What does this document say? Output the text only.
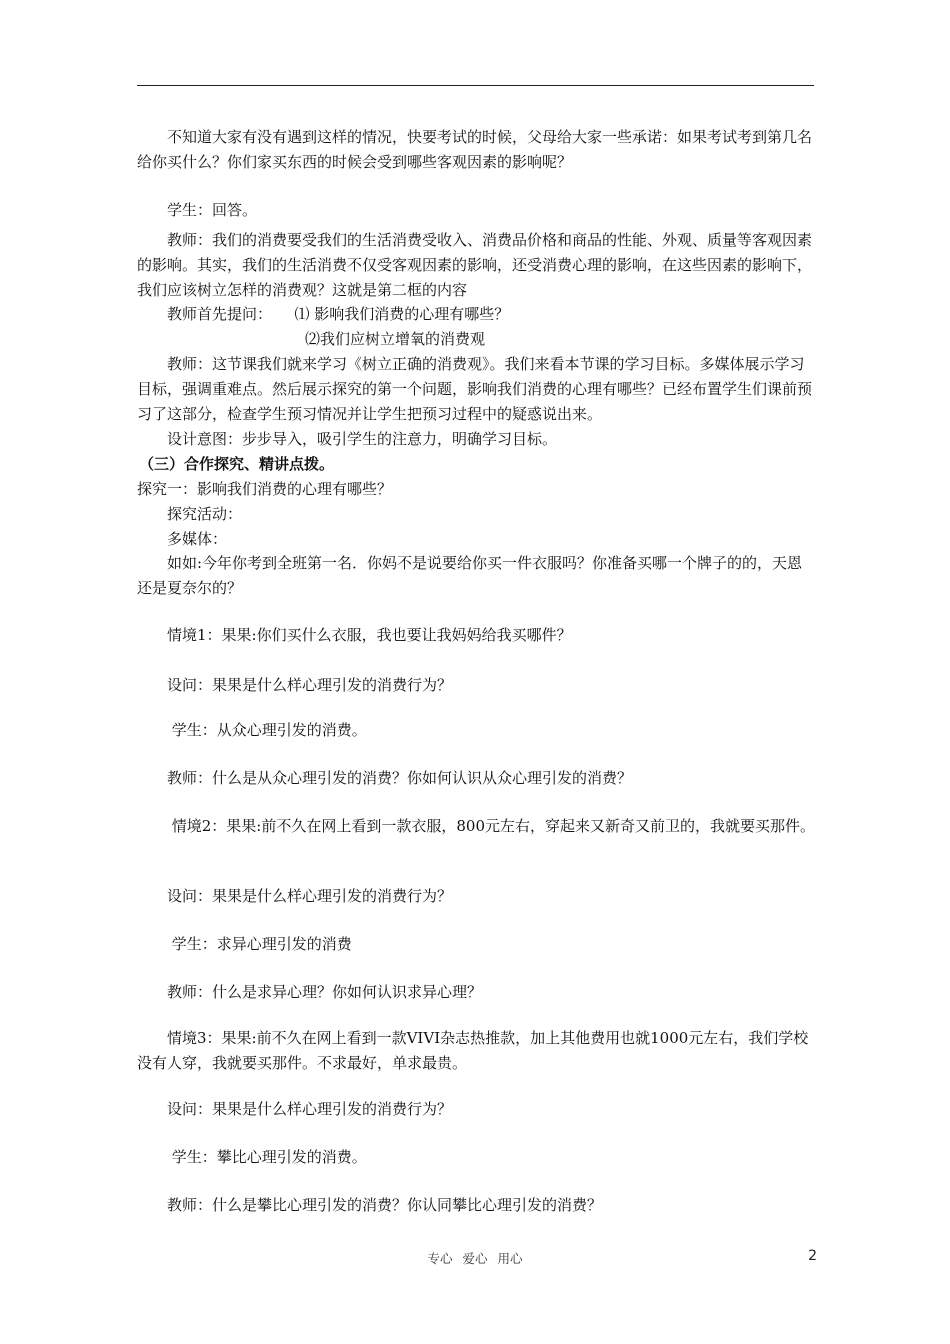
　　不知道大家有没有遇到这样的情况，快要考试的时候，父母给大家一些承诺：如果考试考到第几名给你买什么？你们家买东西的时候会受到哪些客观因素的影响呢？

　　学生：回答。

　　教师：我们的消费要受我们的生活消费受收入、消费品价格和商品的性能、外观、质量等客观因素的影响。其实，我们的生活消费不仅受客观因素的影响，还受消费心理的影响，在这些因素的影响下，我们应该树立怎样的消费观？这就是第二框的内容

　　教师首先提问：　　⑴ 影响我们消费的心理有哪些？

⑵我们应树立增氧的消费观

　　教师：这节课我们就来学习《树立正确的消费观》。我们来看本节课的学习目标。多媒体展示学习目标，强调重难点。然后展示探究的第一个问题，影响我们消费的心理有哪些？已经布置学生们课前预习了这部分，检查学生预习情况并让学生把预习过程中的疑惑说出来。

　　设计意图：步步导入，吸引学生的注意力，明确学习目标。

（三）合作探究、精讲点拨。

探究一：影响我们消费的心理有哪些？

　　探究活动：

　　多媒体：

　　如如:今年你考到全班第一名．你妈不是说要给你买一件衣服吗？你准备买哪一个牌子的的，天恩还是夏奈尔的？

　　情境1：果果:你们买什么衣服，我也要让我妈妈给我买哪件？

　　设问：果果是什么样心理引发的消费行为？

　　 学生：从众心理引发的消费。

　　教师：什么是从众心理引发的消费？你如何认识从众心理引发的消费？

　　 情境2：果果:前不久在网上看到一款衣服，800元左右，穿起来又新奇又前卫的，我就要买那件。

　　设问：果果是什么样心理引发的消费行为？

　　 学生：求异心理引发的消费

　　教师：什么是求异心理？你如何认识求异心理？

　　情境3：果果:前不久在网上看到一款VIVI杂志热推款，加上其他费用也就1000元左右，我们学校没有人穿，我就要买那件。不求最好，单求最贵。

　　设问：果果是什么样心理引发的消费行为？

　　 学生：攀比心理引发的消费。

　　教师：什么是攀比心理引发的消费？你认同攀比心理引发的消费？

专心 爱心 用心	2
